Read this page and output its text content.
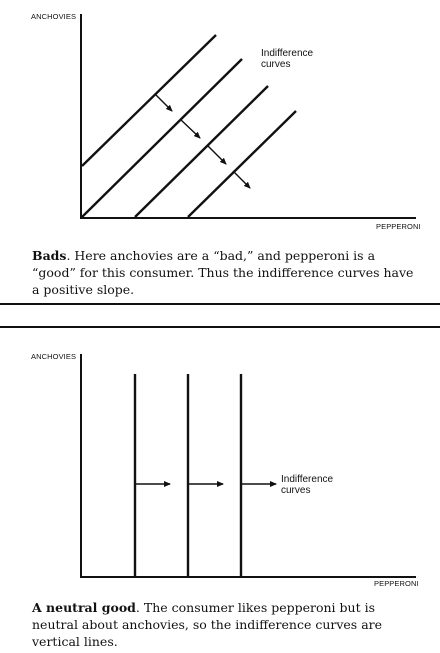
ANCHOVIES
PEPPERONI
Indifference
curves
Bads. Here anchovies are a “bad,” and pepperoni is a “good” for this consumer. Thus the indifference curves have a positive slope.
ANCHOVIES
PEPPERONI
Indifference
curves
A neutral good. The consumer likes pepperoni but is neutral about anchovies, so the indifference curves are vertical lines.
